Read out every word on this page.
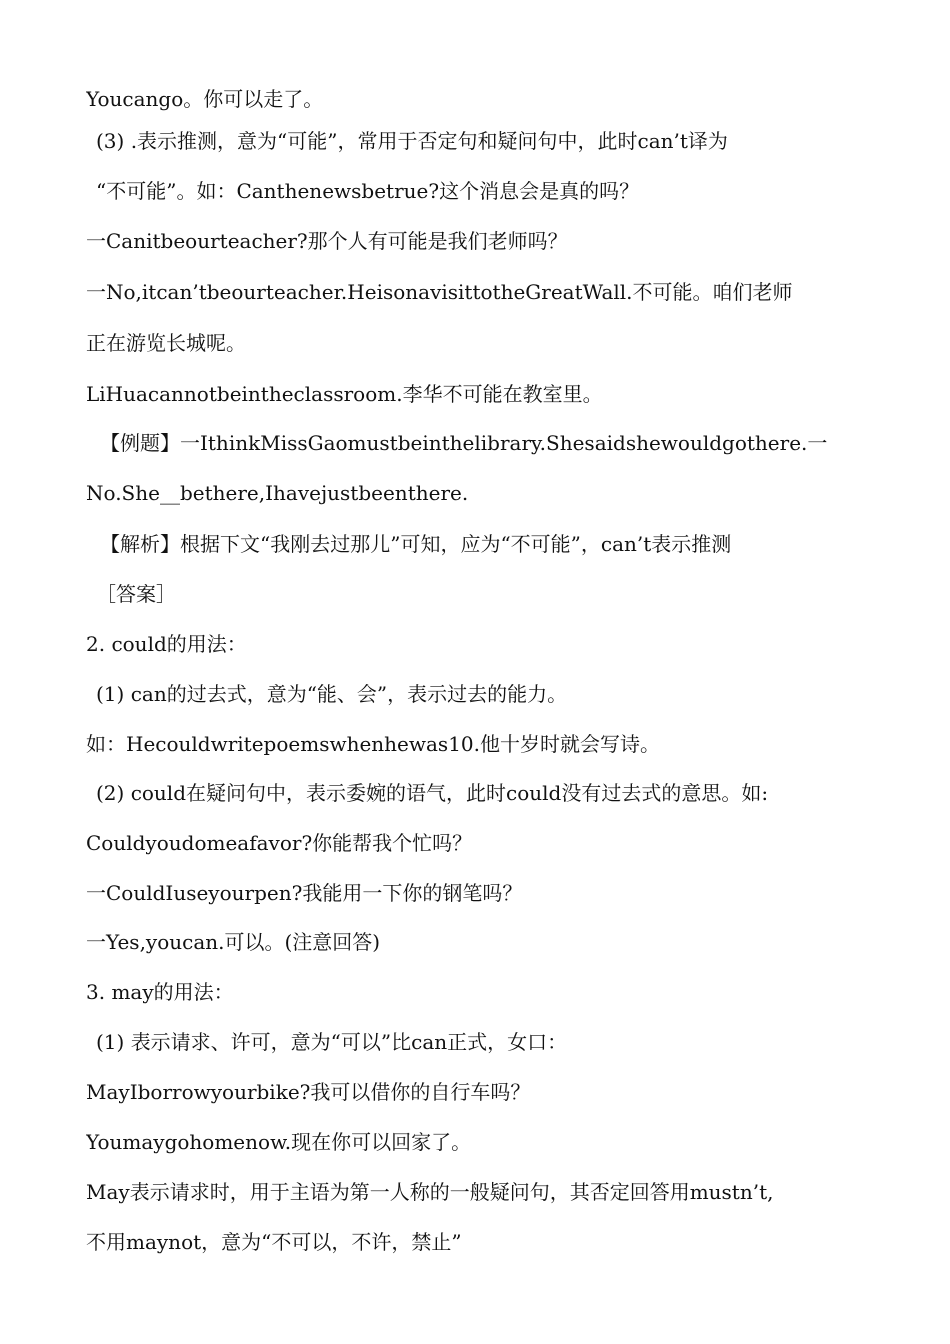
Youcango。你可以走了。
(3) .表示推测，意为“可能”，常用于否定句和疑问句中，此时can’t译为
“不可能”。如：Canthenewsbetrue?这个消息会是真的吗？
一Canitbeourteacher?那个人有可能是我们老师吗？
一No,itcan’tbeourteacher.HeisonavisittotheGreatWall.不可能。咱们老师
正在游览长城呢。
LiHuacannotbeintheclassroom.李华不可能在教室里。
【例题】一IthinkMissGaomustbeinthelibrary.Shesaidshewouldgothere.一
No.She__bethere,Ihavejustbeenthere.
【解析】根据下文“我刚去过那儿”可知，应为“不可能”，can’t表示推测
［答案］
2. could的用法：
(1) can的过去式，意为“能、会”，表示过去的能力。
如：Hecouldwritepoemswhenhewas10.他十岁时就会写诗。
(2) could在疑问句中，表示委婉的语气，此时could没有过去式的意思。如:
Couldyoudomeafavor?你能帮我个忙吗？
一CouldIuseyourpen?我能用一下你的钢笔吗？
一Yes,youcan.可以。(注意回答)
3. may的用法：
(1) 表示请求、许可，意为“可以”比can正式，女口：
MayIborrowyourbike?我可以借你的自行车吗？
Youmaygohomenow.现在你可以回家了。
May表示请求时，用于主语为第一人称的一般疑问句，其否定回答用mustn’t,
不用maynot，意为“不可以，不许，禁止”
